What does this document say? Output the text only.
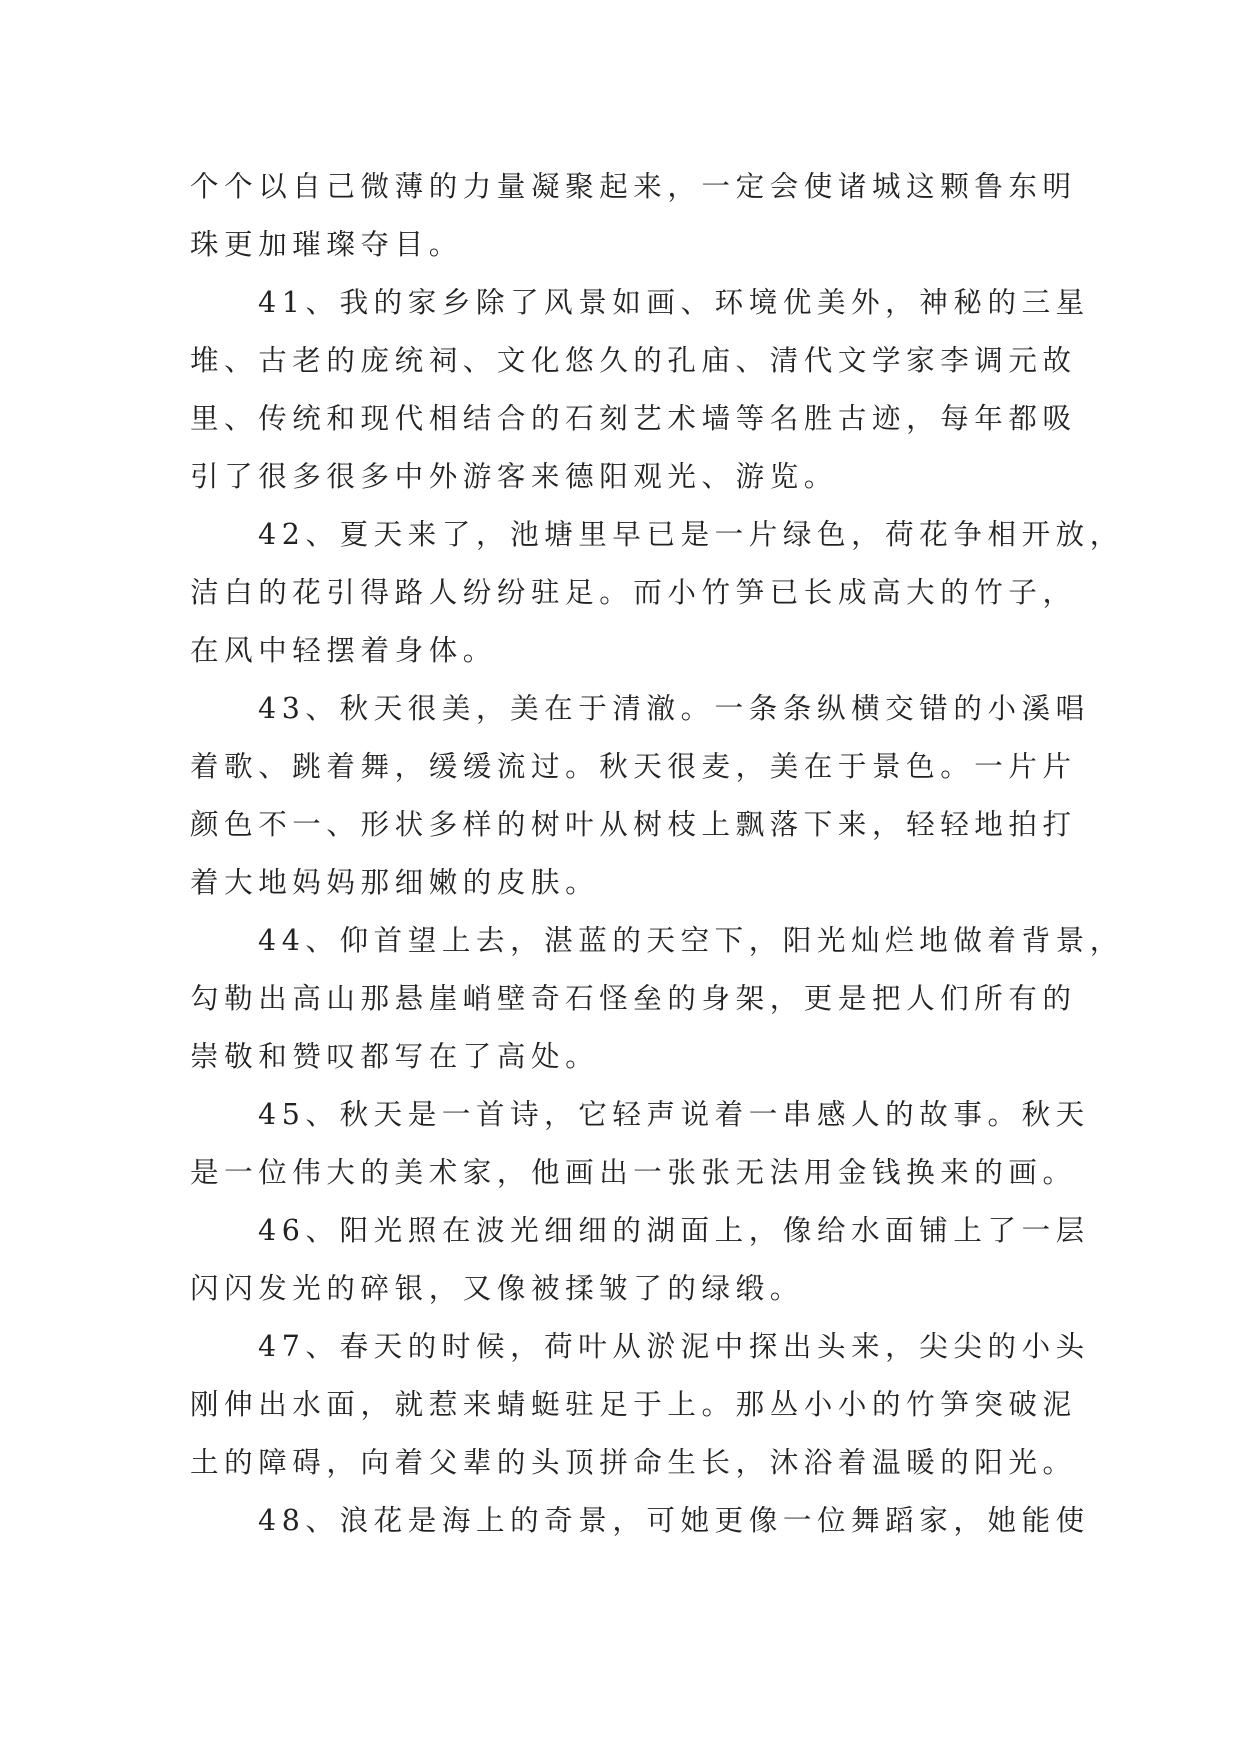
个个以自己微薄的力量凝聚起来，一定会使诸城这颗鲁东明
珠更加璀璨夺目。
41、我的家乡除了风景如画、环境优美外，神秘的三星
堆、古老的庞统祠、文化悠久的孔庙、清代文学家李调元故
里、传统和现代相结合的石刻艺术墙等名胜古迹，每年都吸
引了很多很多中外游客来德阳观光、游览。
42、夏天来了，池塘里早已是一片绿色，荷花争相开放，
洁白的花引得路人纷纷驻足。而小竹笋已长成高大的竹子，
在风中轻摆着身体。
43、秋天很美，美在于清澈。一条条纵横交错的小溪唱
着歌、跳着舞，缓缓流过。秋天很麦，美在于景色。一片片
颜色不一、形状多样的树叶从树枝上飘落下来，轻轻地拍打
着大地妈妈那细嫩的皮肤。
44、仰首望上去，湛蓝的天空下，阳光灿烂地做着背景，
勾勒出高山那悬崖峭壁奇石怪垒的身架，更是把人们所有的
崇敬和赞叹都写在了高处。
45、秋天是一首诗，它轻声说着一串感人的故事。秋天
是一位伟大的美术家，他画出一张张无法用金钱换来的画。
46、阳光照在波光细细的湖面上，像给水面铺上了一层
闪闪发光的碎银，又像被揉皱了的绿缎。
47、春天的时候，荷叶从淤泥中探出头来，尖尖的小头
刚伸出水面，就惹来蜻蜓驻足于上。那丛小小的竹笋突破泥
土的障碍，向着父辈的头顶拼命生长，沐浴着温暖的阳光。
48、浪花是海上的奇景，可她更像一位舞蹈家，她能使
